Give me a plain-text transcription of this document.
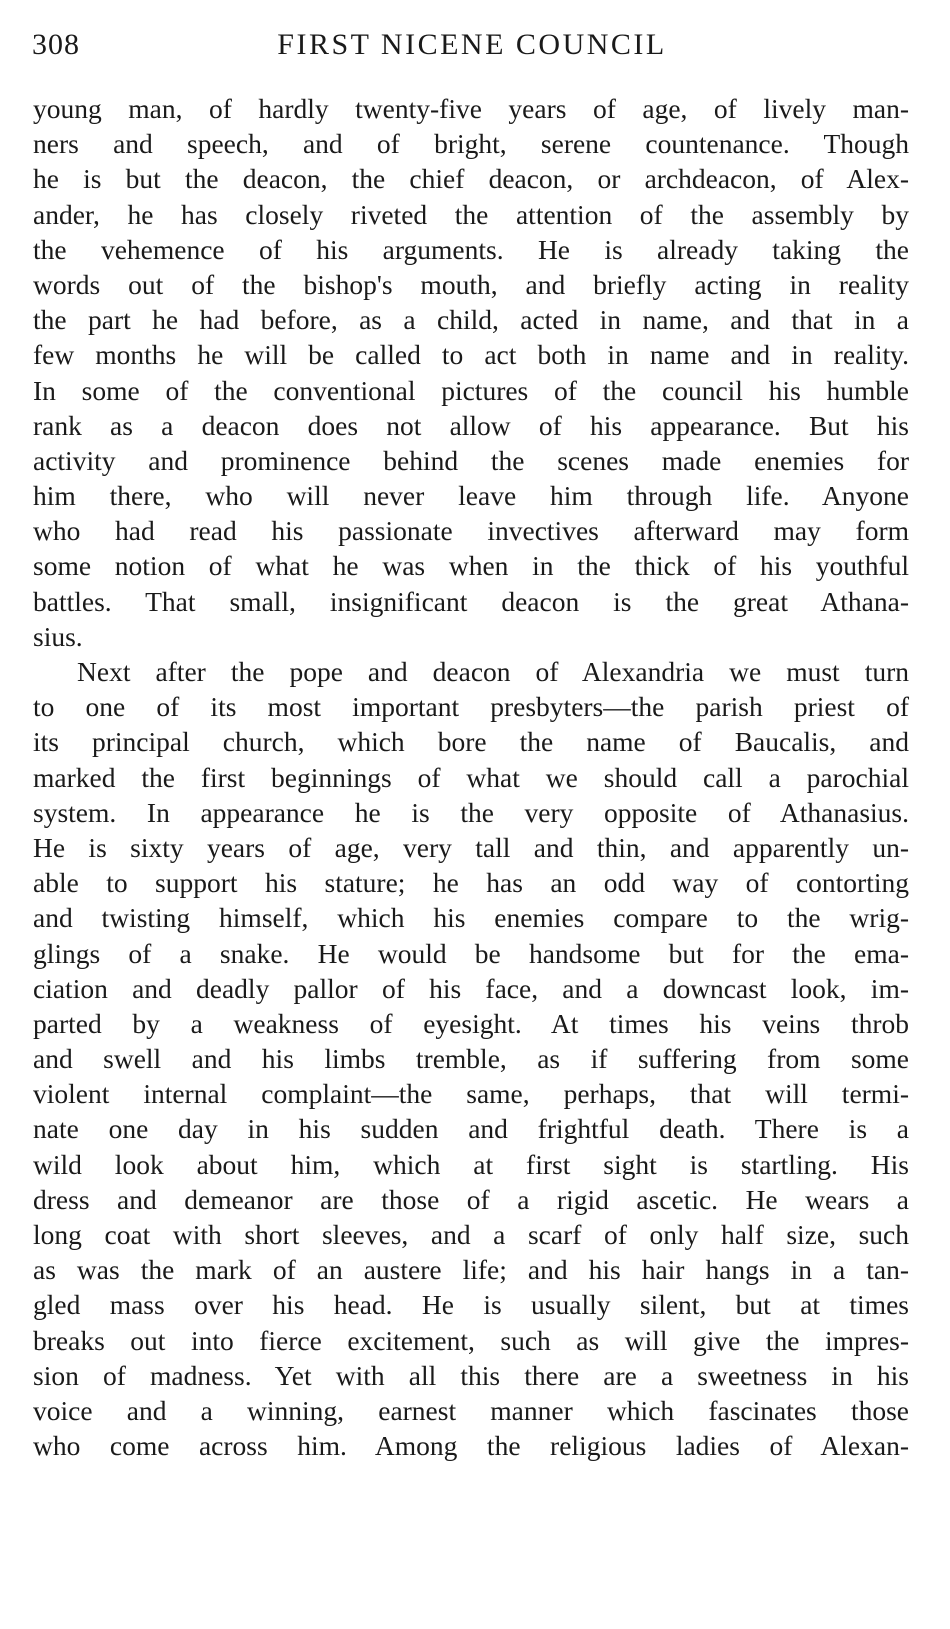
308	FIRST NICENE COUNCIL
young man, of hardly twenty-five years of age, of lively man-
ners and speech, and of bright, serene countenance. Though
he is but the deacon, the chief deacon, or archdeacon, of Alex-
ander, he has closely riveted the attention of the assembly by
the vehemence of his arguments. He is already taking the
words out of the bishop's mouth, and briefly acting in reality
the part he had before, as a child, acted in name, and that in a
few months he will be called to act both in name and in reality.
In some of the conventional pictures of the council his humble
rank as a deacon does not allow of his appearance. But his
activity and prominence behind the scenes made enemies for
him there, who will never leave him through life. Anyone
who had read his passionate invectives afterward may form
some notion of what he was when in the thick of his youthful
battles. That small, insignificant deacon is the great Athana-
sius.
Next after the pope and deacon of Alexandria we must turn
to one of its most important presbyters—the parish priest of
its principal church, which bore the name of Baucalis, and
marked the first beginnings of what we should call a parochial
system. In appearance he is the very opposite of Athanasius.
He is sixty years of age, very tall and thin, and apparently un-
able to support his stature; he has an odd way of contorting
and twisting himself, which his enemies compare to the wrig-
glings of a snake. He would be handsome but for the ema-
ciation and deadly pallor of his face, and a downcast look, im-
parted by a weakness of eyesight. At times his veins throb
and swell and his limbs tremble, as if suffering from some
violent internal complaint—the same, perhaps, that will termi-
nate one day in his sudden and frightful death. There is a
wild look about him, which at first sight is startling. His
dress and demeanor are those of a rigid ascetic. He wears a
long coat with short sleeves, and a scarf of only half size, such
as was the mark of an austere life; and his hair hangs in a tan-
gled mass over his head. He is usually silent, but at times
breaks out into fierce excitement, such as will give the impres-
sion of madness. Yet with all this there are a sweetness in his
voice and a winning, earnest manner which fascinates those
who come across him. Among the religious ladies of Alexan-
